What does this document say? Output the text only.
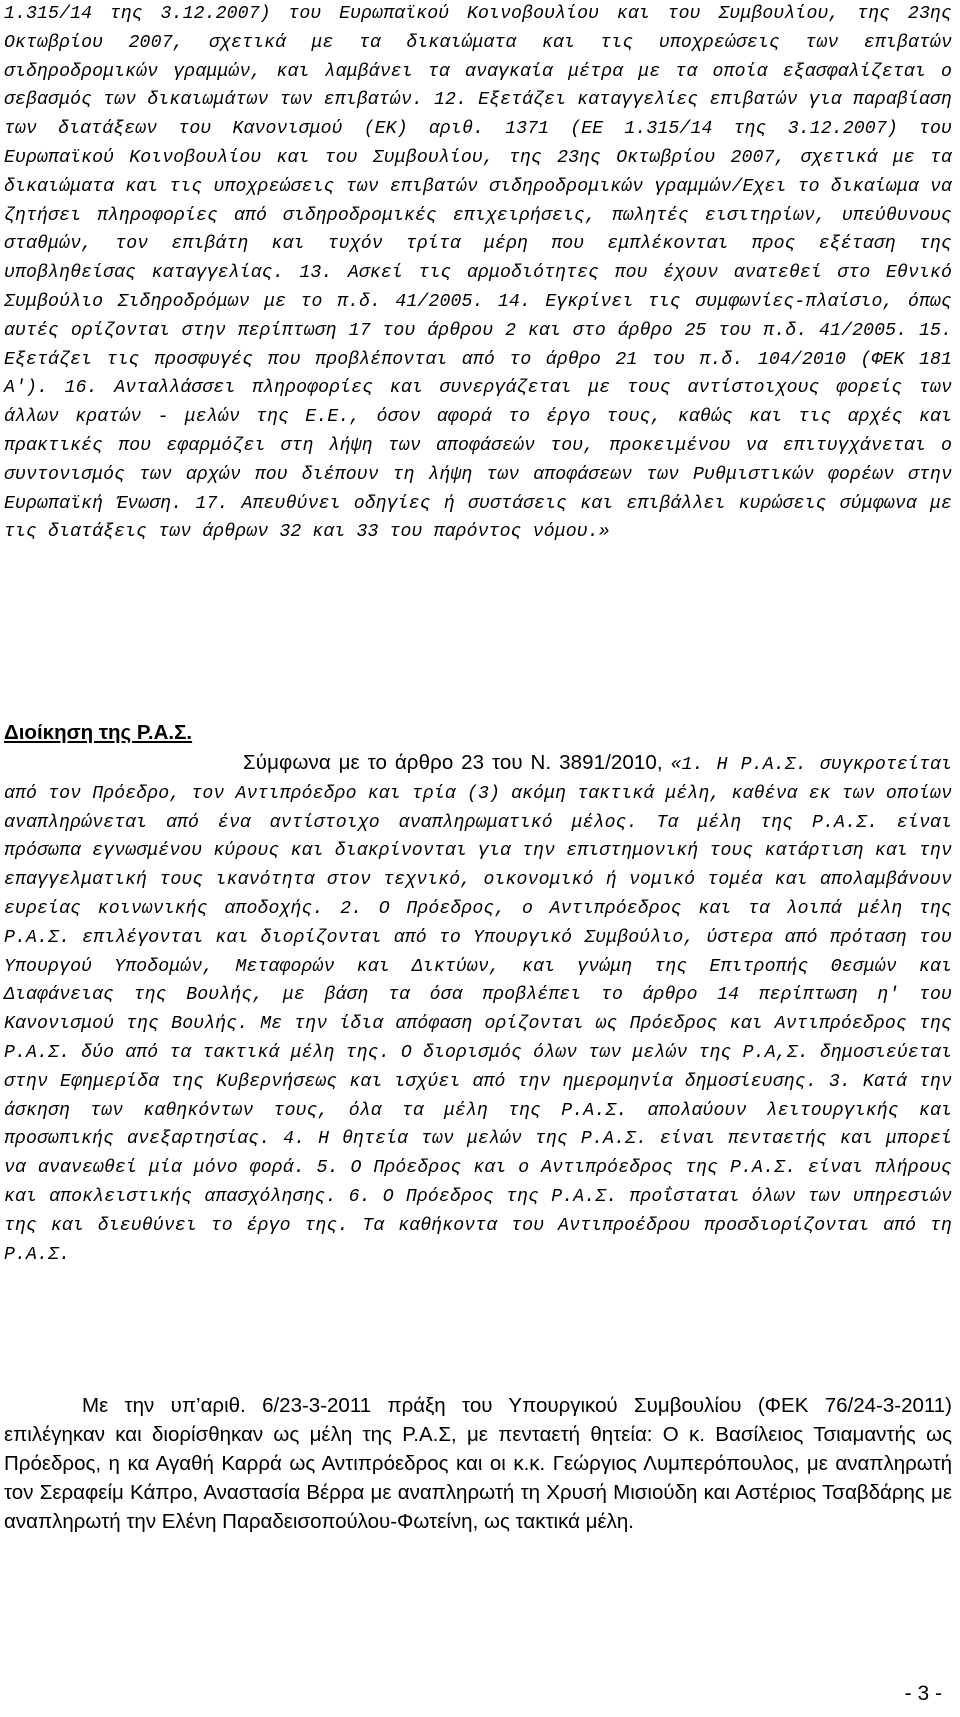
1.315/14 της 3.12.2007) του Ευρωπαϊκού Κοινοβουλίου και του Συμβουλίου, της 23ης Οκτωβρίου 2007, σχετικά με τα δικαιώματα και τις υποχρεώσεις των επιβατών σιδηροδρομικών γραμμών, και λαμβάνει τα αναγκαία μέτρα με τα οποία εξασφαλίζεται ο σεβασμός των δικαιωμάτων των επιβατών. 12. Εξετάζει καταγγελίες επιβατών για παραβίαση των διατάξεων του Κανονισμού (ΕΚ) αριθ. 1371 (ΕΕ 1.315/14 της 3.12.2007) του Ευρωπαϊκού Κοινοβουλίου και του Συμβουλίου, της 23ης Οκτωβρίου 2007, σχετικά με τα δικαιώματα και τις υποχρεώσεις των επιβατών σιδηροδρομικών γραμμών/Εχει το δικαίωμα να ζητήσει πληροφορίες από σιδηροδρομικές επιχειρήσεις, πωλητές εισιτηρίων, υπεύθυνους σταθμών, τον επιβάτη και τυχόν τρίτα μέρη που εμπλέκονται προς εξέταση της υποβληθείσας καταγγελίας. 13. Ασκεί τις αρμοδιότητες που έχουν ανατεθεί στο Εθνικό Συμβούλιο Σιδηροδρόμων με το π.δ. 41/2005. 14. Εγκρίνει τις συμφωνίες-πλαίσιο, όπως αυτές ορίζονται στην περίπτωση 17 του άρθρου 2 και στο άρθρο 25 του π.δ. 41/2005. 15. Εξετάζει τις προσφυγές που προβλέπονται από το άρθρο 21 του π.δ. 104/2010 (ΦΕΚ 181 Α'). 16. Ανταλλάσσει πληροφορίες και συνεργάζεται με τους αντίστοιχους φορείς των άλλων κρατών - μελών της Ε.Ε., όσον αφορά το έργο τους, καθώς και τις αρχές και πρακτικές που εφαρμόζει στη λήψη των αποφάσεών του, προκειμένου να επιτυγχάνεται ο συντονισμός των αρχών που διέπουν τη λήψη των αποφάσεων των Ρυθμιστικών φορέων στην Ευρωπαϊκή Ένωση. 17. Απευθύνει οδηγίες ή συστάσεις και επιβάλλει κυρώσεις σύμφωνα με τις διατάξεις των άρθρων 32 και 33 του παρόντος νόμου.»
Διοίκηση της Ρ.Α.Σ.
Σύμφωνα με το άρθρο 23 του Ν. 3891/2010, «1. Η Ρ.Α.Σ. συγκροτείται από τον Πρόεδρο, τον Αντιπρόεδρο και τρία (3) ακόμη τακτικά μέλη, καθένα εκ των οποίων αναπληρώνεται από ένα αντίστοιχο αναπληρωματικό μέλος. Τα μέλη της Ρ.Α.Σ. είναι πρόσωπα εγνωσμένου κύρους και διακρίνονται για την επιστημονική τους κατάρτιση και την επαγγελματική τους ικανότητα στον τεχνικό, οικονομικό ή νομικό τομέα και απολαμβάνουν ευρείας κοινωνικής αποδοχής. 2. Ο Πρόεδρος, ο Αντιπρόεδρος και τα λοιπά μέλη της Ρ.Α.Σ. επιλέγονται και διορίζονται από το Υπουργικό Συμβούλιο, ύστερα από πρόταση του Υπουργού Υποδομών, Μεταφορών και Δικτύων, και γνώμη της Επιτροπής Θεσμών και Διαφάνειας της Βουλής, με βάση τα όσα προβλέπει το άρθρο 14 περίπτωση η' του Κανονισμού της Βουλής. Με την ίδια απόφαση ορίζονται ως Πρόεδρος και Αντιπρόεδρος της Ρ.Α.Σ. δύο από τα τακτικά μέλη της. Ο διορισμός όλων των μελών της Ρ.Α,Σ. δημοσιεύεται στην Εφημερίδα της Κυβερνήσεως και ισχύει από την ημερομηνία δημοσίευσης. 3. Κατά την άσκηση των καθηκόντων τους, όλα τα μέλη της Ρ.Α.Σ. απολαύουν λειτουργικής και προσωπικής ανεξαρτησίας. 4. Η θητεία των μελών της Ρ.Α.Σ. είναι πενταετής και μπορεί να ανανεωθεί μία μόνο φορά. 5. Ο Πρόεδρος και ο Αντιπρόεδρος της Ρ.Α.Σ. είναι πλήρους και αποκλειστικής απασχόλησης. 6. Ο Πρόεδρος της Ρ.Α.Σ. προΐσταται όλων των υπηρεσιών της και διευθύνει το έργο της. Τα καθήκοντα του Αντιπροέδρου προσδιορίζονται από τη Ρ.Α.Σ.
Με την υπ’αριθ. 6/23-3-2011 πράξη του Υπουργικού Συμβουλίου (ΦΕΚ 76/24-3-2011) επιλέγηκαν και διορίσθηκαν ως μέλη της Ρ.Α.Σ, με πενταετή θητεία: Ο κ. Βασίλειος Τσιαμαντής ως Πρόεδρος, η κα Αγαθή Καρρά ως Αντιπρόεδρος και οι κ.κ. Γεώργιος Λυμπερόπουλος, με αναπληρωτή τον Σεραφείμ Κάπρο, Αναστασία Βέρρα με αναπληρωτή τη Χρυσή Μισιούδη και Αστέριος Τσαβδάρης με αναπληρωτή την Ελένη Παραδεισοπούλου-Φωτείνη, ως τακτικά μέλη.
- 3 -
